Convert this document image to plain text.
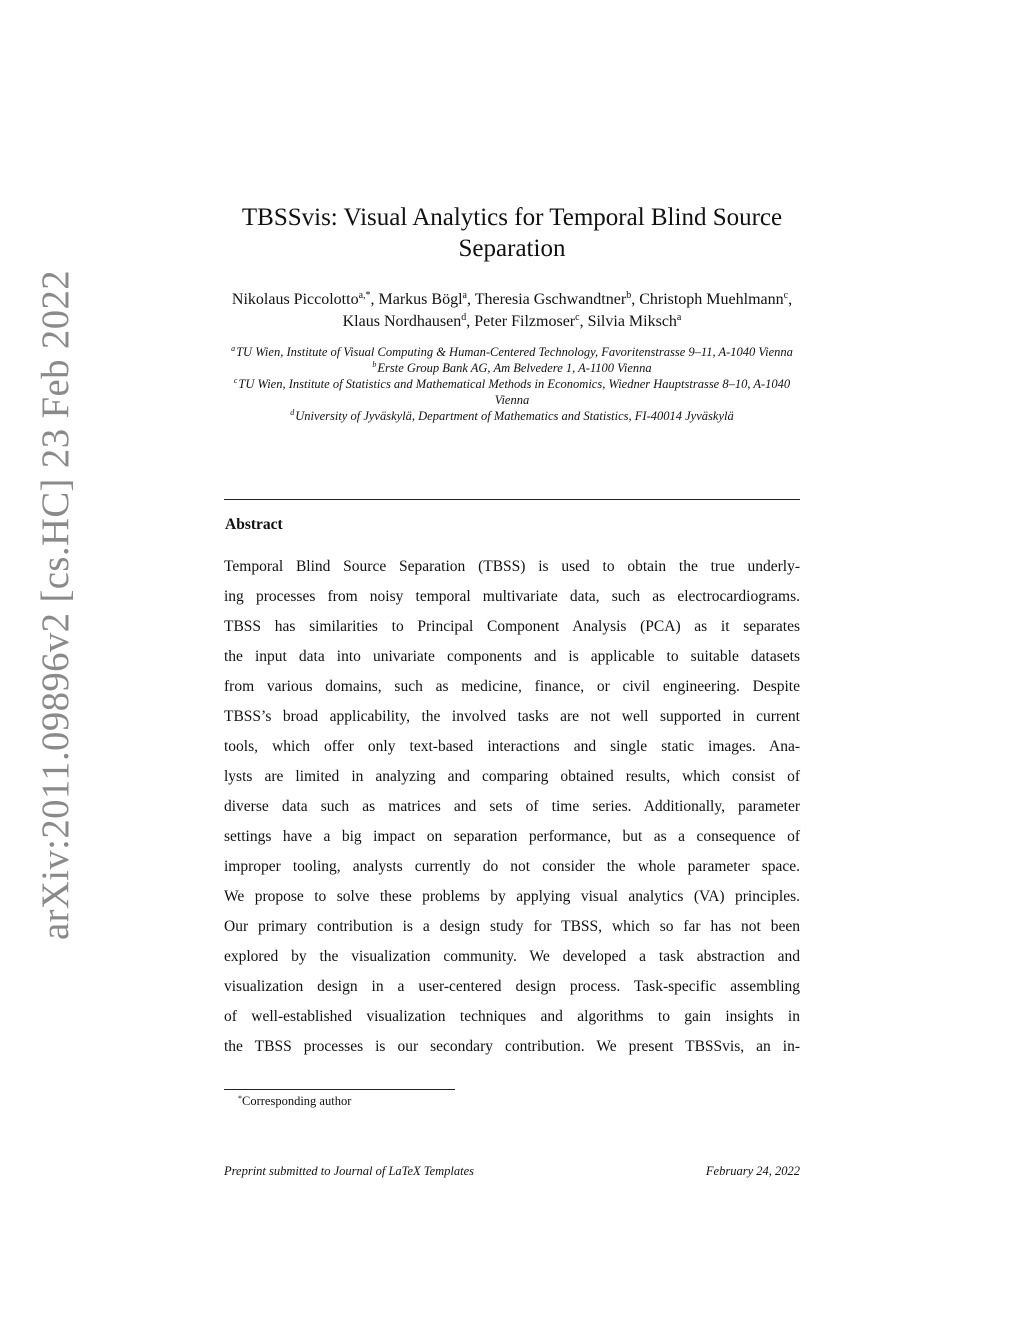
arXiv:2011.09896v2 [cs.HC] 23 Feb 2022
TBSSvis: Visual Analytics for Temporal Blind Source
Separation
Nikolaus Piccolotto$^{a,*}$, Markus Bögl$^a$, Theresia Gschwandtner$^b$, Christoph Muehlmann$^c$, Klaus Nordhausen$^d$, Peter Filzmoser$^c$, Silvia Miksch$^a$
$^a$TU Wien, Institute of Visual Computing & Human-Centered Technology, Favoritenstrasse 9–11, A-1040 Vienna
$^b$Erste Group Bank AG, Am Belvedere 1, A-1100 Vienna
$^c$TU Wien, Institute of Statistics and Mathematical Methods in Economics, Wiedner Hauptstrasse 8–10, A-1040 Vienna
$^d$University of Jyväskylä, Department of Mathematics and Statistics, FI-40014 Jyväskylä
Abstract
Temporal Blind Source Separation (TBSS) is used to obtain the true underly-
ing processes from noisy temporal multivariate data, such as electrocardiograms.
TBSS has similarities to Principal Component Analysis (PCA) as it separates
the input data into univariate components and is applicable to suitable datasets
from various domains, such as medicine, finance, or civil engineering. Despite
TBSS’s broad applicability, the involved tasks are not well supported in current
tools, which offer only text-based interactions and single static images. Ana-
lysts are limited in analyzing and comparing obtained results, which consist of
diverse data such as matrices and sets of time series. Additionally, parameter
settings have a big impact on separation performance, but as a consequence of
improper tooling, analysts currently do not consider the whole parameter space.
We propose to solve these problems by applying visual analytics (VA) principles.
Our primary contribution is a design study for TBSS, which so far has not been
explored by the visualization community. We developed a task abstraction and
visualization design in a user-centered design process. Task-specific assembling
of well-established visualization techniques and algorithms to gain insights in
the TBSS processes is our secondary contribution. We present TBSSvis, an in-
*Corresponding author
Preprint submitted to Journal of LaTeX Templates	February 24, 2022
